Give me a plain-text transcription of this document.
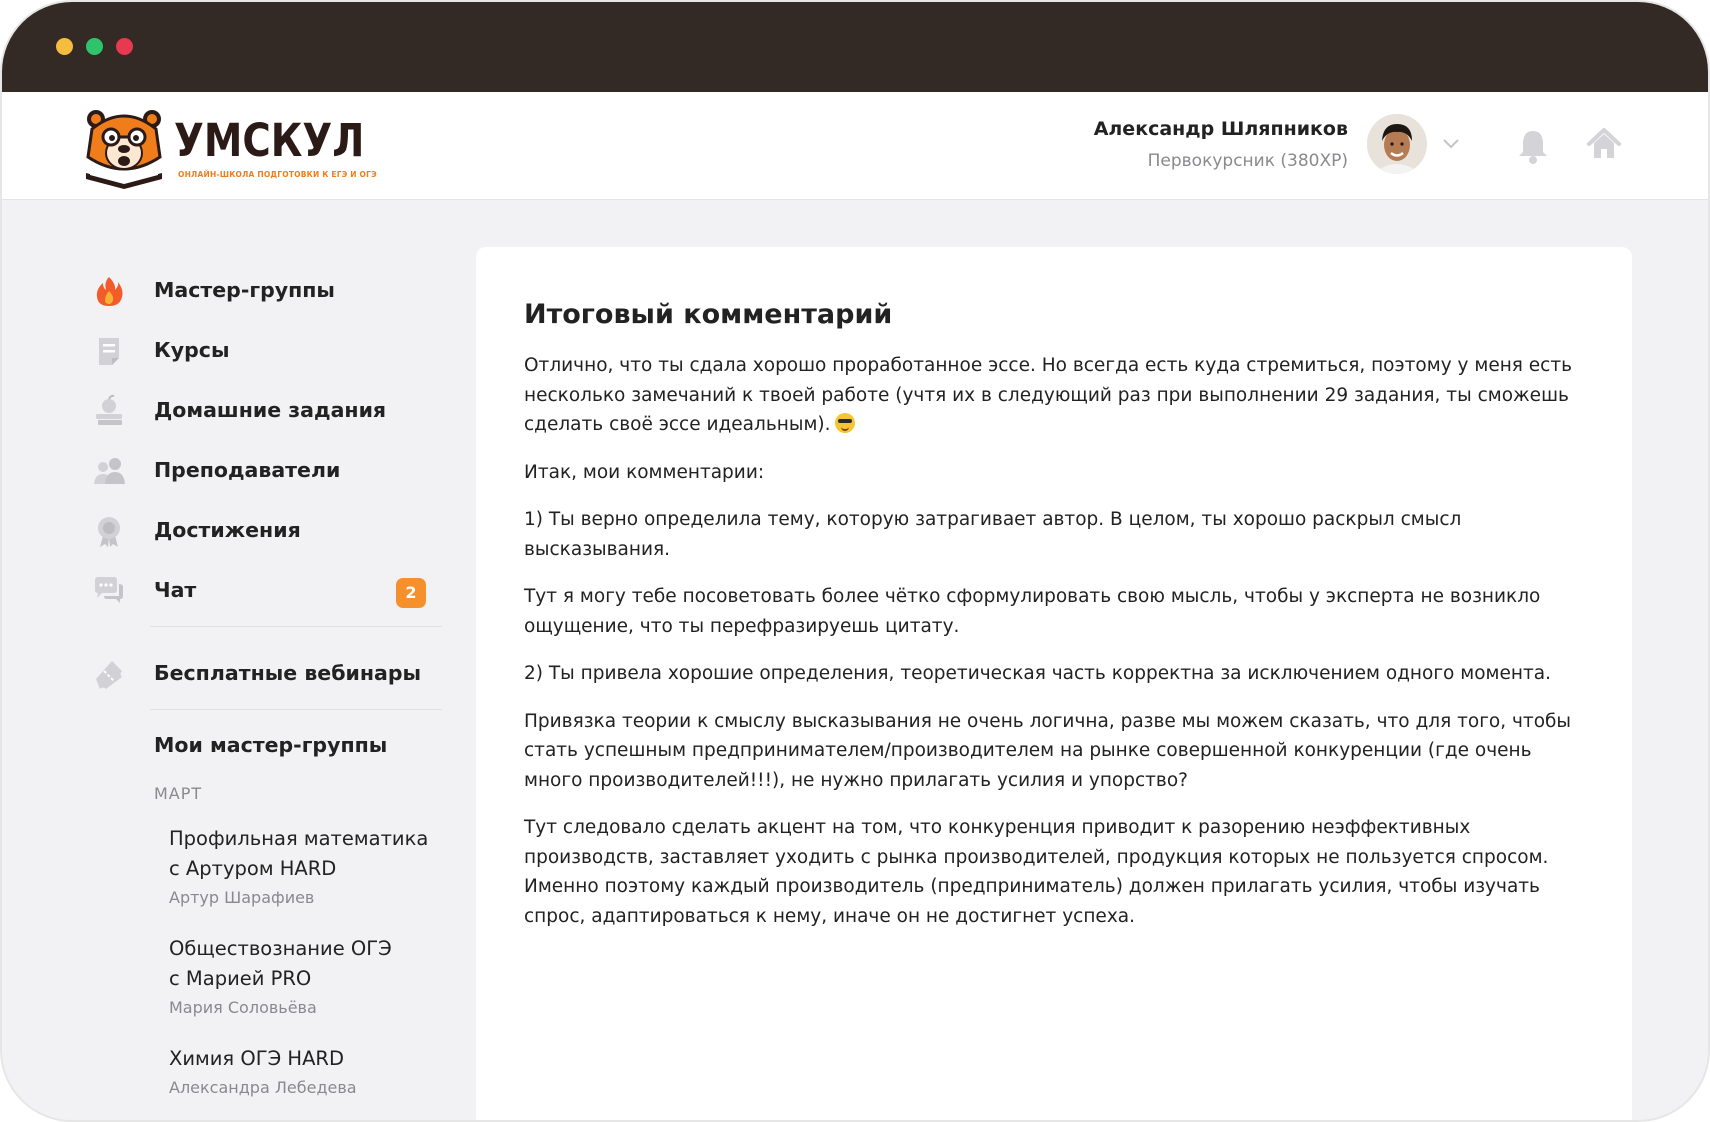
УМСКУЛ
ОНЛАЙН-ШКОЛА ПОДГОТОВКИ К ЕГЭ И ОГЭ
Александр Шляпников
Первокурсник (380XP)
Мастер-группы
Курсы
Домашние задания
Преподаватели
Достижения
Чат	2
Бесплатные вебинары
Мои мастер-группы
МАРТ
Профильная математика
с Артуром HARD
Артур Шарафиев
Обществознание ОГЭ
с Марией PRO
Мария Соловьёва
Химия ОГЭ HARD
Александра Лебедева
Итоговый комментарий

Отлично, что ты сдала хорошо проработанное эссе. Но всегда есть куда стремиться, поэтому у меня есть несколько замечаний к твоей работе (учтя их в следующий раз при выполнении 29 задания, ты сможешь сделать своё эссе идеальным).

Итак, мои комментарии:

1) Ты верно определила тему, которую затрагивает автор. В целом, ты хорошо раскрыл смысл высказывания.

Тут я могу тебе посоветовать более чётко сформулировать свою мысль, чтобы у эксперта не возникло ощущение, что ты перефразируешь цитату.

2) Ты привела хорошие определения, теоретическая часть корректна за исключением одного момента.

Привязка теории к смыслу высказывания не очень логична, разве мы можем сказать, что для того, чтобы стать успешным предпринимателем/производителем на рынке совершенной конкуренции (где очень много производителей!!!), не нужно прилагать усилия и упорство?

Тут следовало сделать акцент на том, что конкуренция приводит к разорению неэффективных производств, заставляет уходить с рынка производителей, продукция которых не пользуется спросом. Именно поэтому каждый производитель (предприниматель) должен прилагать усилия, чтобы изучать спрос, адаптироваться к нему, иначе он не достигнет успеха.
